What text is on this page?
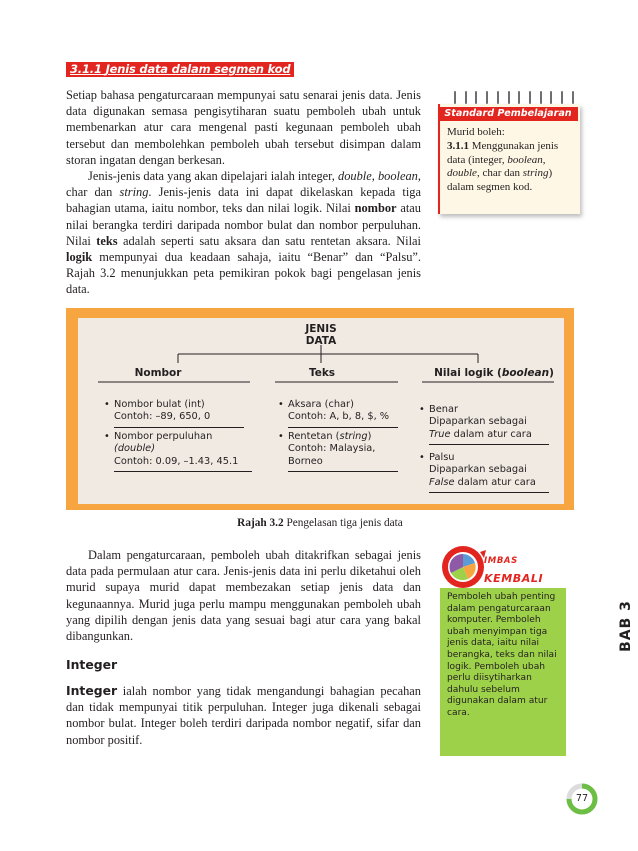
3.1.1 Jenis data dalam segmen kod

Setiap bahasa pengaturcaraan mempunyai satu senarai jenis data. Jenis data digunakan semasa pengisytiharan suatu pemboleh ubah untuk membenarkan atur cara mengenal pasti kegunaan pemboleh ubah tersebut dan membolehkan pemboleh ubah tersebut disimpan dalam storan ingatan dengan berkesan.

Jenis-jenis data yang akan dipelajari ialah integer, double, boolean, char dan string. Jenis-jenis data ini dapat dikelaskan kepada tiga bahagian utama, iaitu nombor, teks dan nilai logik. Nilai nombor atau nilai berangka terdiri daripada nombor bulat dan nombor perpuluhan. Nilai teks adalah seperti satu aksara dan satu rentetan aksara. Nilai logik mempunyai dua keadaan sahaja, iaitu “Benar” dan “Palsu”. Rajah 3.2 menunjukkan peta pemikiran pokok bagi pengelasan jenis data.

Standard Pembelajaran
Murid boleh:
3.1.1 Menggunakan jenis data (integer, boolean, double, char dan string) dalam segmen kod.
JENIS DATA
Nombor	Teks	Nilai logik (boolean)
• Nombor bulat (int)
Contoh: –89, 650, 0
• Nombor perpuluhan
(double)
Contoh: 0.09, –1.43, 45.1
• Aksara (char)
Contoh: A, b, 8, $, %
• Rentetan (string)
Contoh: Malaysia,
Borneo
• Benar
Dipaparkan sebagai
True dalam atur cara
• Palsu
Dipaparkan sebagai
False dalam atur cara
Rajah 3.2 Pengelasan tiga jenis data

Dalam pengaturcaraan, pemboleh ubah ditakrifkan sebagai jenis data pada permulaan atur cara. Jenis-jenis data ini perlu diketahui oleh murid supaya murid dapat membezakan setiap jenis data dan kegunaannya. Murid juga perlu mampu menggunakan pemboleh ubah yang dipilih dengan jenis data yang sesuai bagi atur cara yang bakal dibangunkan.

Integer

Integer ialah nombor yang tidak mengandungi bahagian pecahan dan tidak mempunyai titik perpuluhan. Integer juga dikenali sebagai nombor bulat. Integer boleh terdiri daripada nombor negatif, sifar dan nombor positif.

IMBAS KEMBALI
Pemboleh ubah penting dalam pengaturcaraan komputer. Pemboleh ubah menyimpan tiga jenis data, iaitu nilai berangka, teks dan nilai logik. Pemboleh ubah perlu diisytiharkan dahulu sebelum digunakan dalam atur cara.
BAB 3
77
